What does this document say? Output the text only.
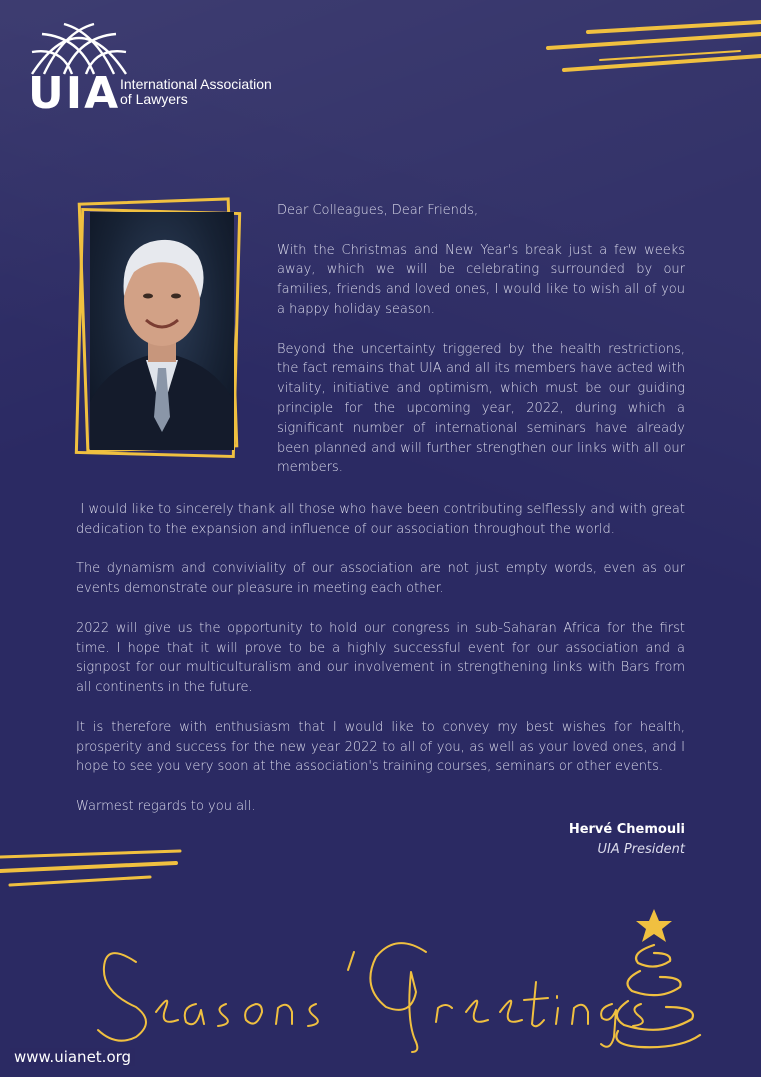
UIA International Association
of Lawyers

Dear Colleagues, Dear Friends,

With the Christmas and New Year's break just a few weeks away, which we will be celebrating surrounded by our families, friends and loved ones, I would like to wish all of you a happy holiday season.

Beyond the uncertainty triggered by the health restrictions, the fact remains that UIA and all its members have acted with vitality, initiative and optimism, which must be our guiding principle for the upcoming year, 2022, during which a significant number of international seminars have already been planned and will further strengthen our links with all our members.

I would like to sincerely thank all those who have been contributing selflessly and with great dedication to the expansion and influence of our association throughout the world.

The dynamism and conviviality of our association are not just empty words, even as our events demonstrate our pleasure in meeting each other.

2022 will give us the opportunity to hold our congress in sub-Saharan Africa for the first time. I hope that it will prove to be a highly successful event for our association and a signpost for our multiculturalism and our involvement in strengthening links with Bars from all continents in the future.

It is therefore with enthusiasm that I would like to convey my best wishes for health, prosperity and success for the new year 2022 to all of you, as well as your loved ones, and I hope to see you very soon at the association's training courses, seminars or other events.

Warmest regards to you all.

Hervé Chemouli
UIA President
www.uianet.org
